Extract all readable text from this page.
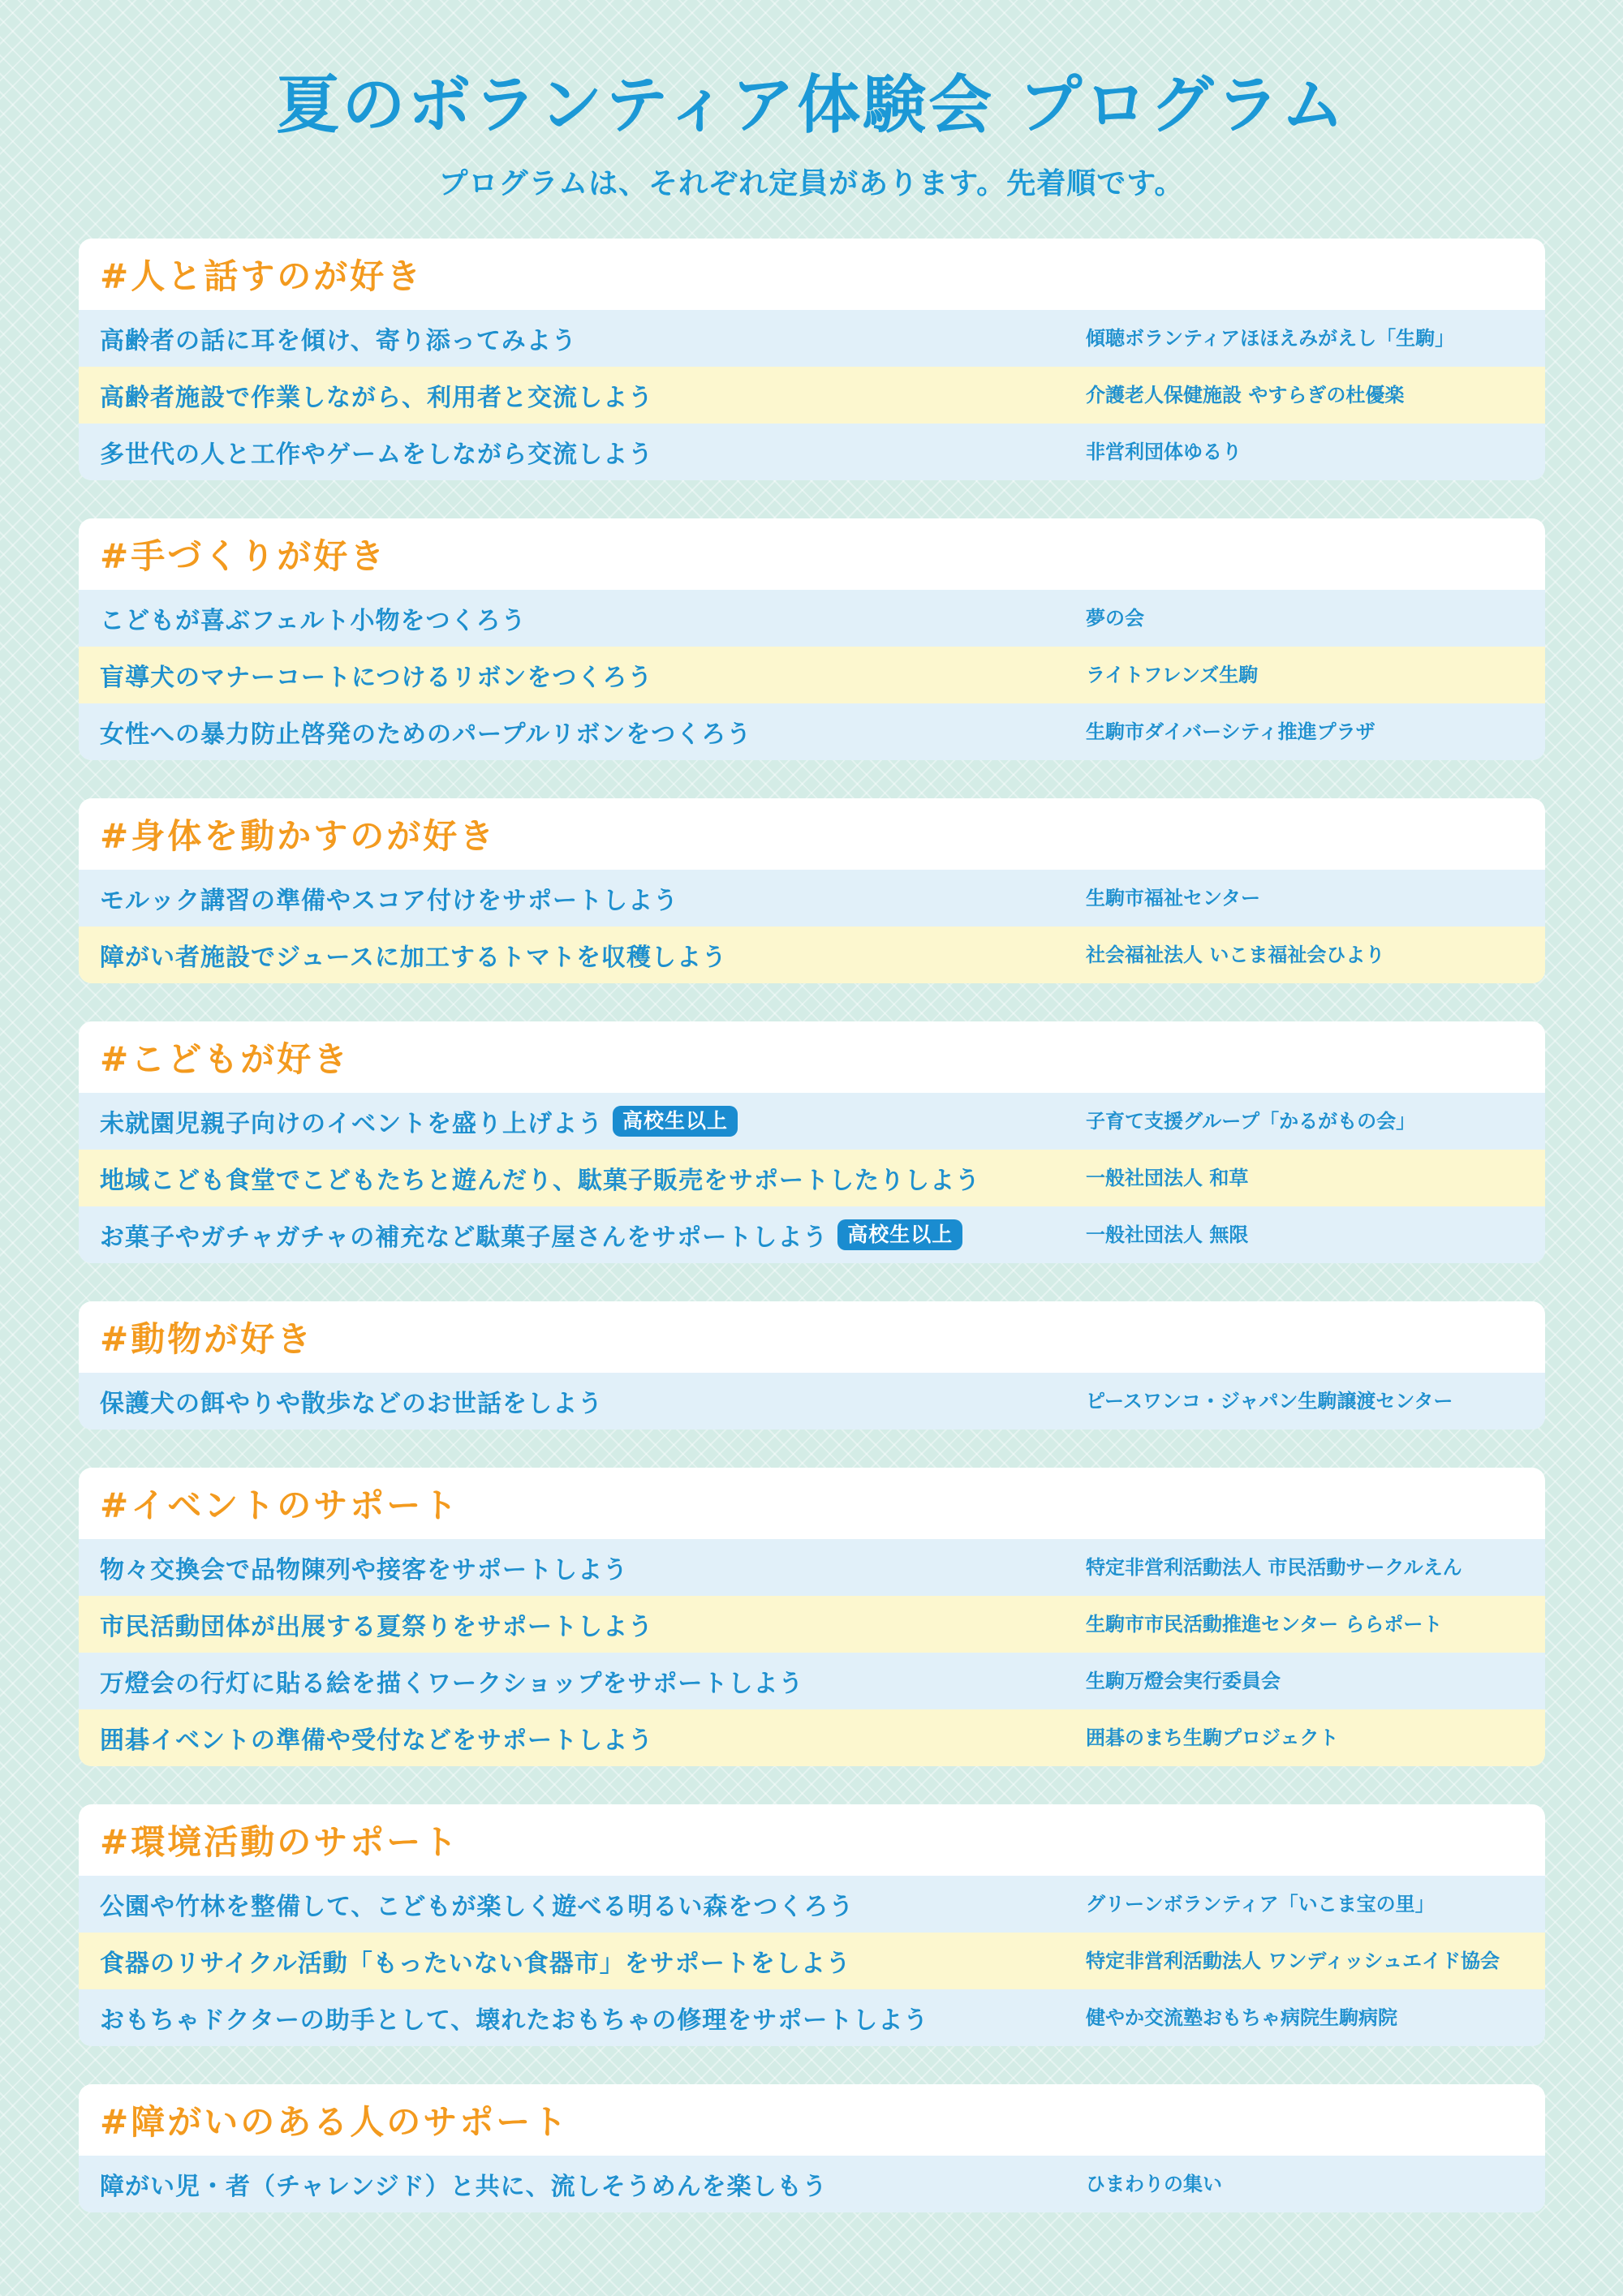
夏のボランティア体験会 プログラム

プログラムは、それぞれ定員があります。先着順です。

#人と話すのが好き
高齢者の話に耳を傾け、寄り添ってみよう	傾聴ボランティアほほえみがえし「生駒」
高齢者施設で作業しながら、利用者と交流しよう	介護老人保健施設 やすらぎの杜優楽
多世代の人と工作やゲームをしながら交流しよう	非営利団体ゆるり
#手づくりが好き
こどもが喜ぶフェルト小物をつくろう	夢の会
盲導犬のマナーコートにつけるリボンをつくろう	ライトフレンズ生駒
女性への暴力防止啓発のためのパープルリボンをつくろう	生駒市ダイバーシティ推進プラザ
#身体を動かすのが好き
モルック講習の準備やスコア付けをサポートしよう	生駒市福祉センター
障がい者施設でジュースに加工するトマトを収穫しよう	社会福祉法人 いこま福祉会ひより
#こどもが好き
未就園児親子向けのイベントを盛り上げよう 高校生以上	子育て支援グループ「かるがもの会」
地域こども食堂でこどもたちと遊んだり、駄菓子販売をサポートしたりしよう	一般社団法人 和草
お菓子やガチャガチャの補充など駄菓子屋さんをサポートしよう 高校生以上	一般社団法人 無限
#動物が好き
保護犬の餌やりや散歩などのお世話をしよう	ピースワンコ・ジャパン生駒譲渡センター
#イベントのサポート
物々交換会で品物陳列や接客をサポートしよう	特定非営利活動法人 市民活動サークルえん
市民活動団体が出展する夏祭りをサポートしよう	生駒市市民活動推進センター ららポート
万燈会の行灯に貼る絵を描くワークショップをサポートしよう	生駒万燈会実行委員会
囲碁イベントの準備や受付などをサポートしよう	囲碁のまち生駒プロジェクト
#環境活動のサポート
公園や竹林を整備して、こどもが楽しく遊べる明るい森をつくろう	グリーンボランティア「いこま宝の里」
食器のリサイクル活動「もったいない食器市」をサポートをしよう	特定非営利活動法人 ワンディッシュエイド協会
おもちゃドクターの助手として、壊れたおもちゃの修理をサポートしよう	健やか交流塾おもちゃ病院生駒病院
#障がいのある人のサポート
障がい児・者（チャレンジド）と共に、流しそうめんを楽しもう	ひまわりの集い
